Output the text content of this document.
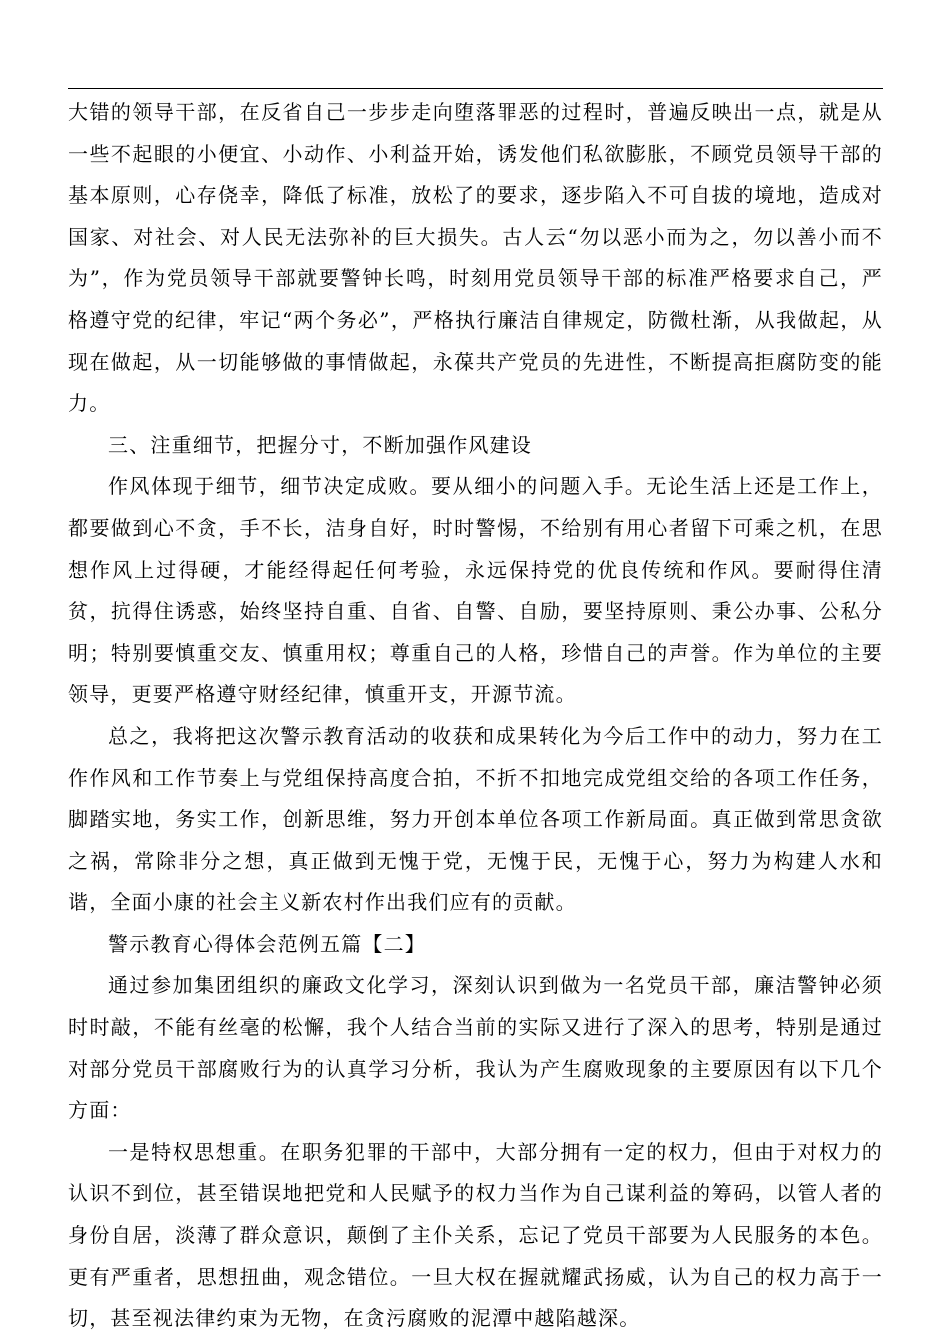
大错的领导干部，在反省自己一步步走向堕落罪恶的过程时，普遍反映出一点，就是从一些不起眼的小便宜、小动作、小利益开始，诱发他们私欲膨胀，不顾党员领导干部的基本原则，心存侥幸，降低了标准，放松了的要求，逐步陷入不可自拔的境地，造成对国家、对社会、对人民无法弥补的巨大损失。古人云“勿以恶小而为之，勿以善小而不为”，作为党员领导干部就要警钟长鸣，时刻用党员领导干部的标准严格要求自己，严格遵守党的纪律，牢记“两个务必”，严格执行廉洁自律规定，防微杜渐，从我做起，从现在做起，从一切能够做的事情做起，永葆共产党员的先进性，不断提高拒腐防变的能力。

三、注重细节，把握分寸，不断加强作风建设

作风体现于细节，细节决定成败。要从细小的问题入手。无论生活上还是工作上，都要做到心不贪，手不长，洁身自好，时时警惕，不给别有用心者留下可乘之机，在思想作风上过得硬，才能经得起任何考验，永远保持党的优良传统和作风。要耐得住清贫，抗得住诱惑，始终坚持自重、自省、自警、自励，要坚持原则、秉公办事、公私分明；特别要慎重交友、慎重用权；尊重自己的人格，珍惜自己的声誉。作为单位的主要领导，更要严格遵守财经纪律，慎重开支，开源节流。

总之，我将把这次警示教育活动的收获和成果转化为今后工作中的动力，努力在工作作风和工作节奏上与党组保持高度合拍，不折不扣地完成党组交给的各项工作任务，脚踏实地，务实工作，创新思维，努力开创本单位各项工作新局面。真正做到常思贪欲之祸，常除非分之想，真正做到无愧于党，无愧于民，无愧于心，努力为构建人水和谐，全面小康的社会主义新农村作出我们应有的贡献。

警示教育心得体会范例五篇【二】

通过参加集团组织的廉政文化学习，深刻认识到做为一名党员干部，廉洁警钟必须时时敲，不能有丝毫的松懈，我个人结合当前的实际又进行了深入的思考，特别是通过对部分党员干部腐败行为的认真学习分析，我认为产生腐败现象的主要原因有以下几个方面：

一是特权思想重。在职务犯罪的干部中，大部分拥有一定的权力，但由于对权力的认识不到位，甚至错误地把党和人民赋予的权力当作为自己谋利益的筹码，以管人者的身份自居，淡薄了群众意识，颠倒了主仆关系，忘记了党员干部要为人民服务的本色。更有严重者，思想扭曲，观念错位。一旦大权在握就耀武扬威，认为自己的权力高于一切，甚至视法律约束为无物，在贪污腐败的泥潭中越陷越深。
